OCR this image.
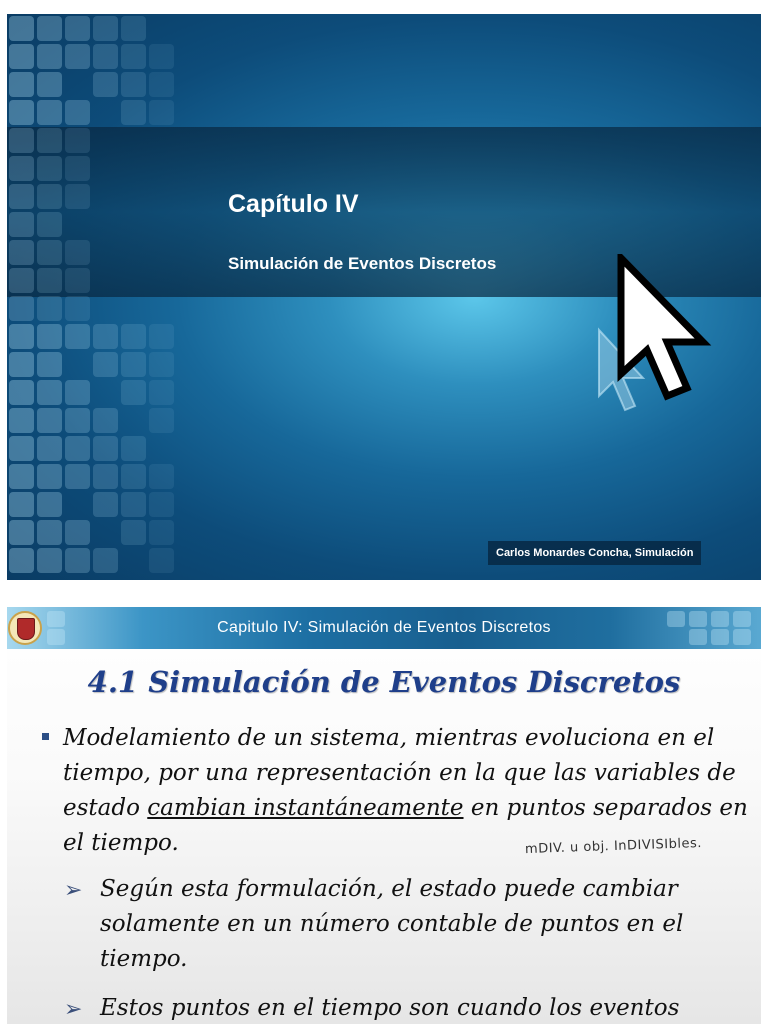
Capítulo IV
Simulación de Eventos Discretos
Carlos Monardes Concha, Simulación
Capitulo IV: Simulación de Eventos Discretos
4.1 Simulación de Eventos Discretos

Modelamiento de un sistema, mientras evoluciona en el tiempo, por una representación en la que las variables de estado cambian instantáneamente en puntos separados en el tiempo.	mDIV. u obj. InDIVISIbles.

➢ Según esta formulación, el estado puede cambiar solamente en un número contable de puntos en el tiempo.

➢ Estos puntos en el tiempo son cuando los eventos
